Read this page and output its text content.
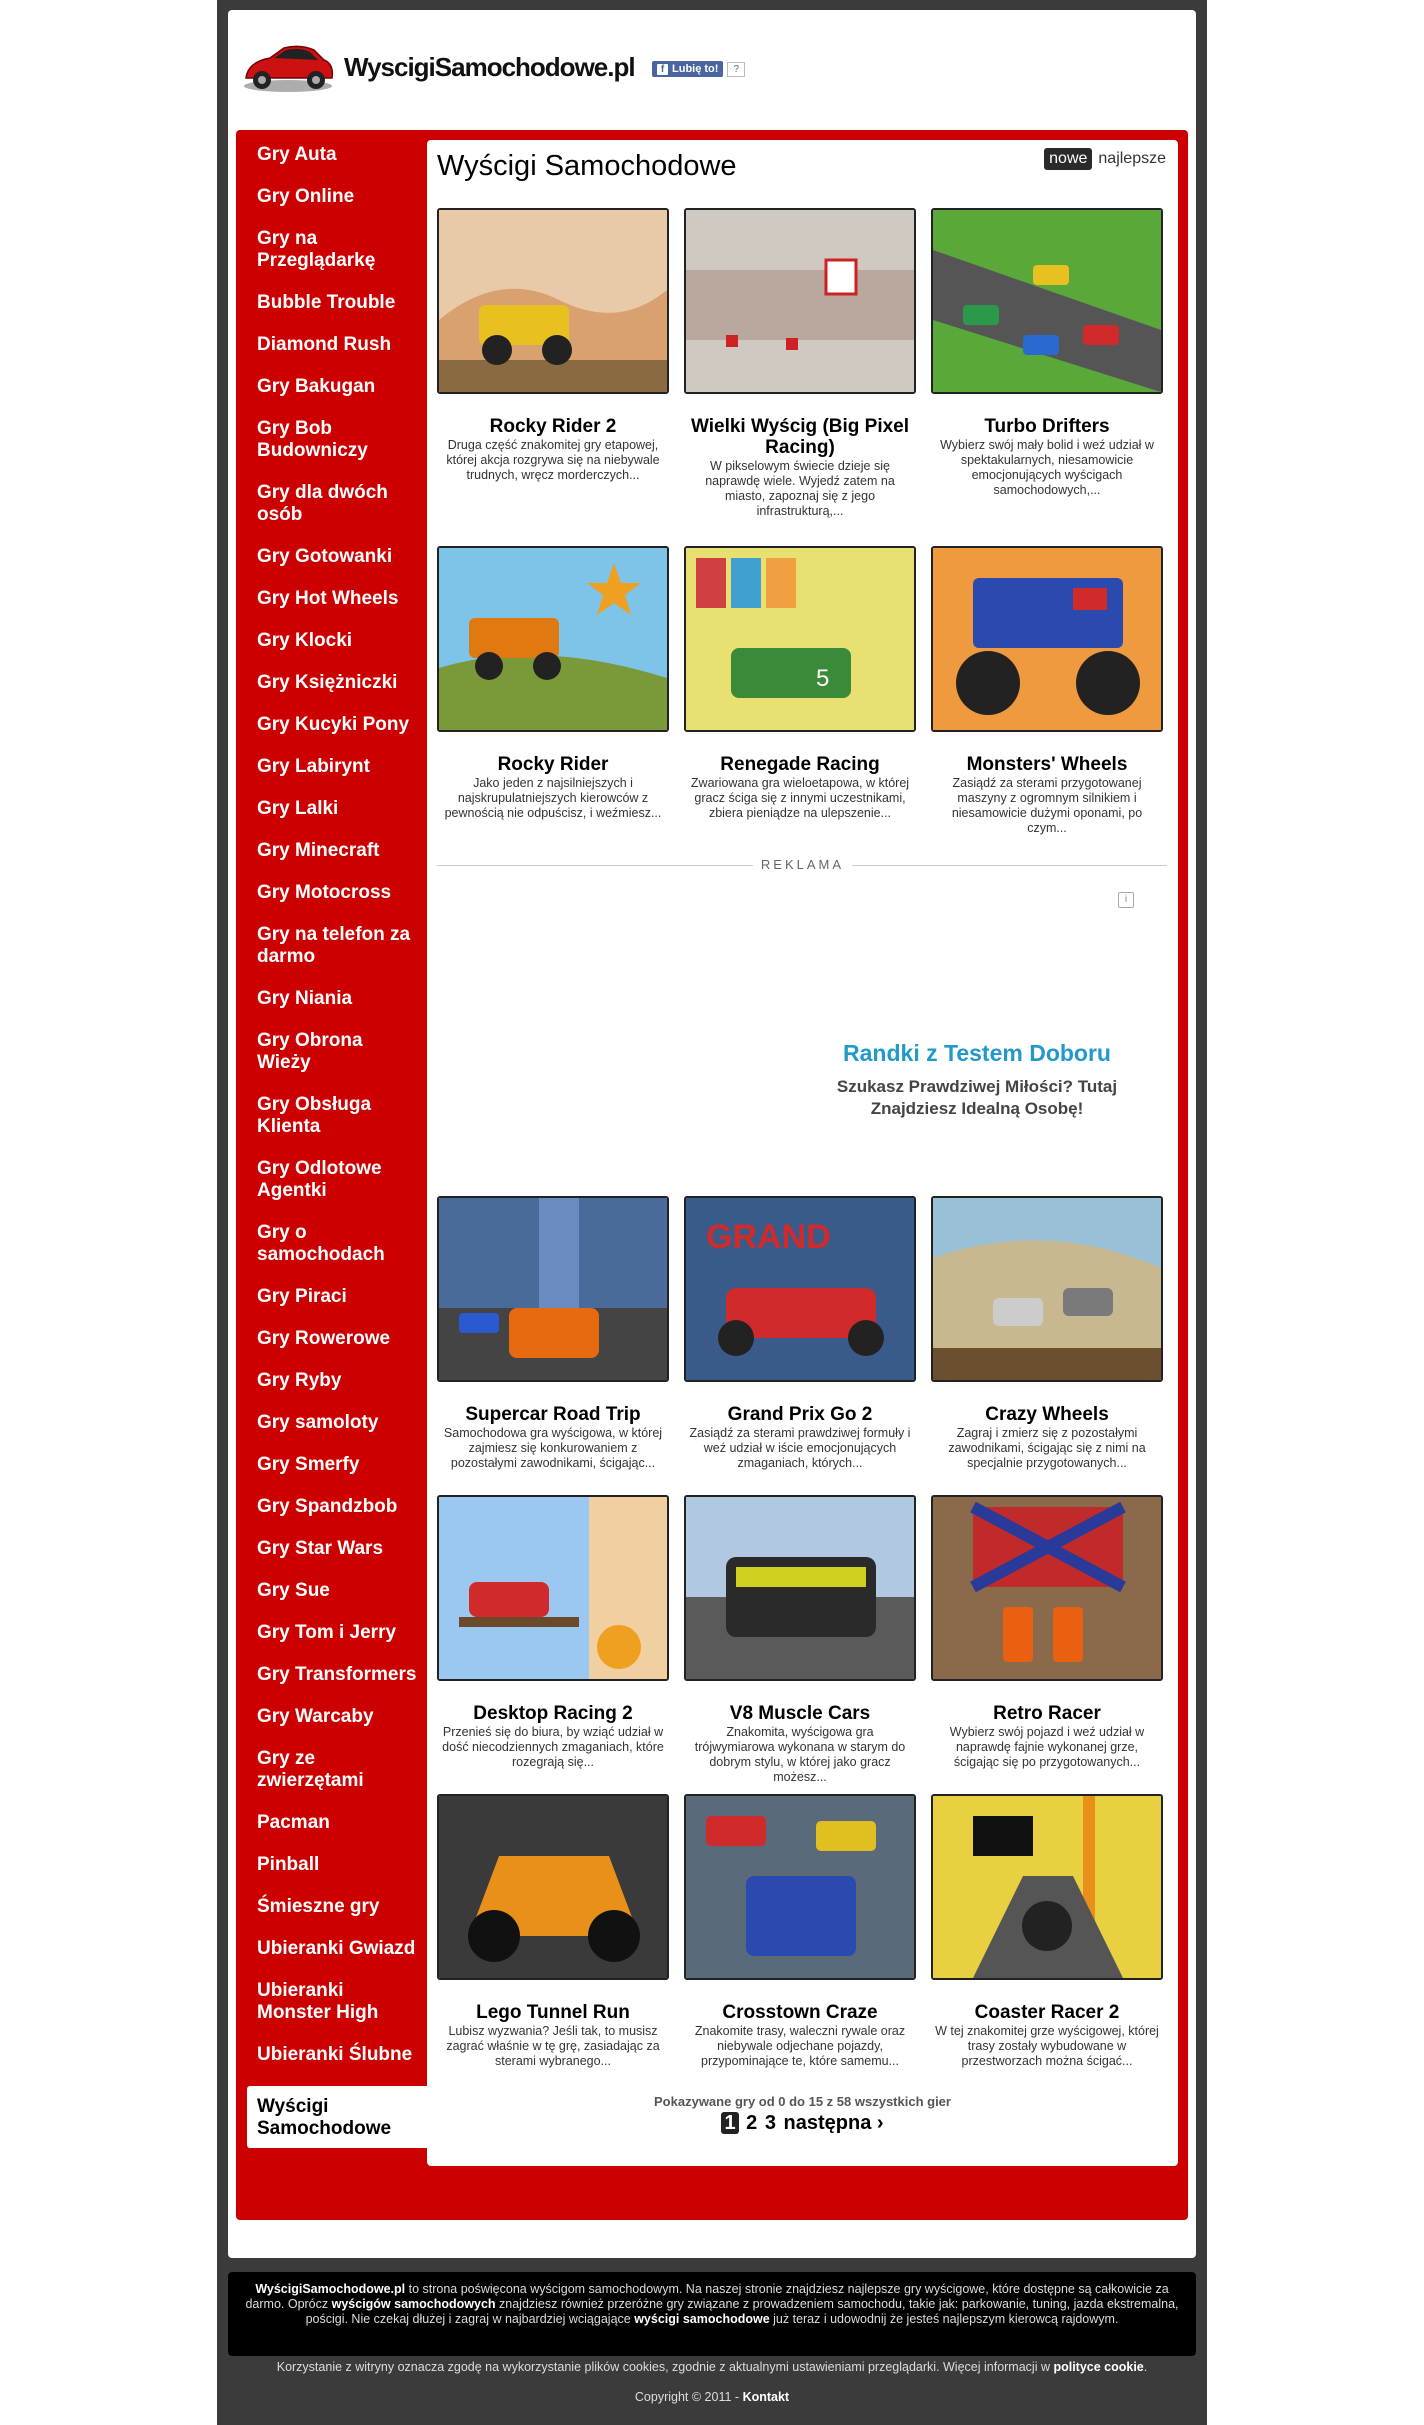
WyscigiSamochodowe.pl	f Lubię to!	?
Gry Auta
Gry Online
Gry na Przeglądarkę
Bubble Trouble
Diamond Rush
Gry Bakugan
Gry Bob Budowniczy
Gry dla dwóch osób
Gry Gotowanki
Gry Hot Wheels
Gry Klocki
Gry Księżniczki
Gry Kucyki Pony
Gry Labirynt
Gry Lalki
Gry Minecraft
Gry Motocross
Gry na telefon za darmo
Gry Niania
Gry Obrona Wieży
Gry Obsługa Klienta
Gry Odlotowe Agentki
Gry o samochodach
Gry Piraci
Gry Rowerowe
Gry Ryby
Gry samoloty
Gry Smerfy
Gry Spandzbob
Gry Star Wars
Gry Sue
Gry Tom i Jerry
Gry Transformers
Gry Warcaby
Gry ze zwierzętami
Pacman
Pinball
Śmieszne gry
Ubieranki Gwiazd
Ubieranki Monster High
Ubieranki Ślubne
Wyścigi Samochodowe
Wyścigi Samochodowe	nowe najlepsze
Rocky Rider 2
Druga część znakomitej gry etapowej, której akcja rozgrywa się na niebywale trudnych, wręcz morderczych...
Wielki Wyścig (Big Pixel Racing)
W pikselowym świecie dzieje się naprawdę wiele. Wyjedź zatem na miasto, zapoznaj się z jego infrastrukturą,...
Turbo Drifters
Wybierz swój mały bolid i weź udział w spektakularnych, niesamowicie emocjonujących wyścigach samochodowych,...
Rocky Rider
Jako jeden z najsilniejszych i najskrupulatniejszych kierowców z pewnością nie odpuścisz, i weźmiesz...
5
Renegade Racing
Zwariowana gra wieloetapowa, w której gracz ściga się z innymi uczestnikami, zbiera pieniądze na ulepszenie...
Monsters' Wheels
Zasiądź za sterami przygotowanej maszyny z ogromnym silnikiem i niesamowicie dużymi oponami, po czym...
Supercar Road Trip
Samochodowa gra wyścigowa, w której zajmiesz się konkurowaniem z pozostałymi zawodnikami, ścigając...
GRAND
Grand Prix Go 2
Zasiądź za sterami prawdziwej formuły i weź udział w iście emocjonujących zmaganiach, których...
Crazy Wheels
Zagraj i zmierz się z pozostałymi zawodnikami, ścigając się z nimi na specjalnie przygotowanych...
Desktop Racing 2
Przenieś się do biura, by wziąć udział w dość niecodziennych zmaganiach, które rozegrają się...
V8 Muscle Cars
Znakomita, wyścigowa gra trójwymiarowa wykonana w starym do dobrym stylu, w której jako gracz możesz...
Retro Racer
Wybierz swój pojazd i weź udział w naprawdę fajnie wykonanej grze, ścigając się po przygotowanych...
Lego Tunnel Run
Lubisz wyzwania? Jeśli tak, to musisz zagrać właśnie w tę grę, zasiadając za sterami wybranego...
Crosstown Craze
Znakomite trasy, waleczni rywale oraz niebywale odjechane pojazdy, przypominające te, które samemu...
Coaster Racer 2
W tej znakomitej grze wyścigowej, której trasy zostały wybudowane w przestworzach można ścigać...
REKLAMA
i
Randki z Testem Doboru
Szukasz Prawdziwej Miłości? Tutaj Znajdziesz Idealną Osobę!
Pokazywane gry od 0 do 15 z 58 wszystkich gier
1 2 3 następna ›
WyścigiSamochodowe.pl to strona poświęcona wyścigom samochodowym. Na naszej stronie znajdziesz najlepsze gry wyścigowe, które dostępne są całkowicie za darmo. Oprócz wyścigów samochodowych znajdziesz również przeróżne gry związane z prowadzeniem samochodu, takie jak: parkowanie, tuning, jazda ekstremalna, pościgi. Nie czekaj dłużej i zagraj w najbardziej wciągające wyścigi samochodowe już teraz i udowodnij że jesteś najlepszym kierowcą rajdowym.
Korzystanie z witryny oznacza zgodę na wykorzystanie plików cookies, zgodnie z aktualnymi ustawieniami przeglądarki. Więcej informacji w polityce cookie.
Copyright © 2011 - Kontakt
